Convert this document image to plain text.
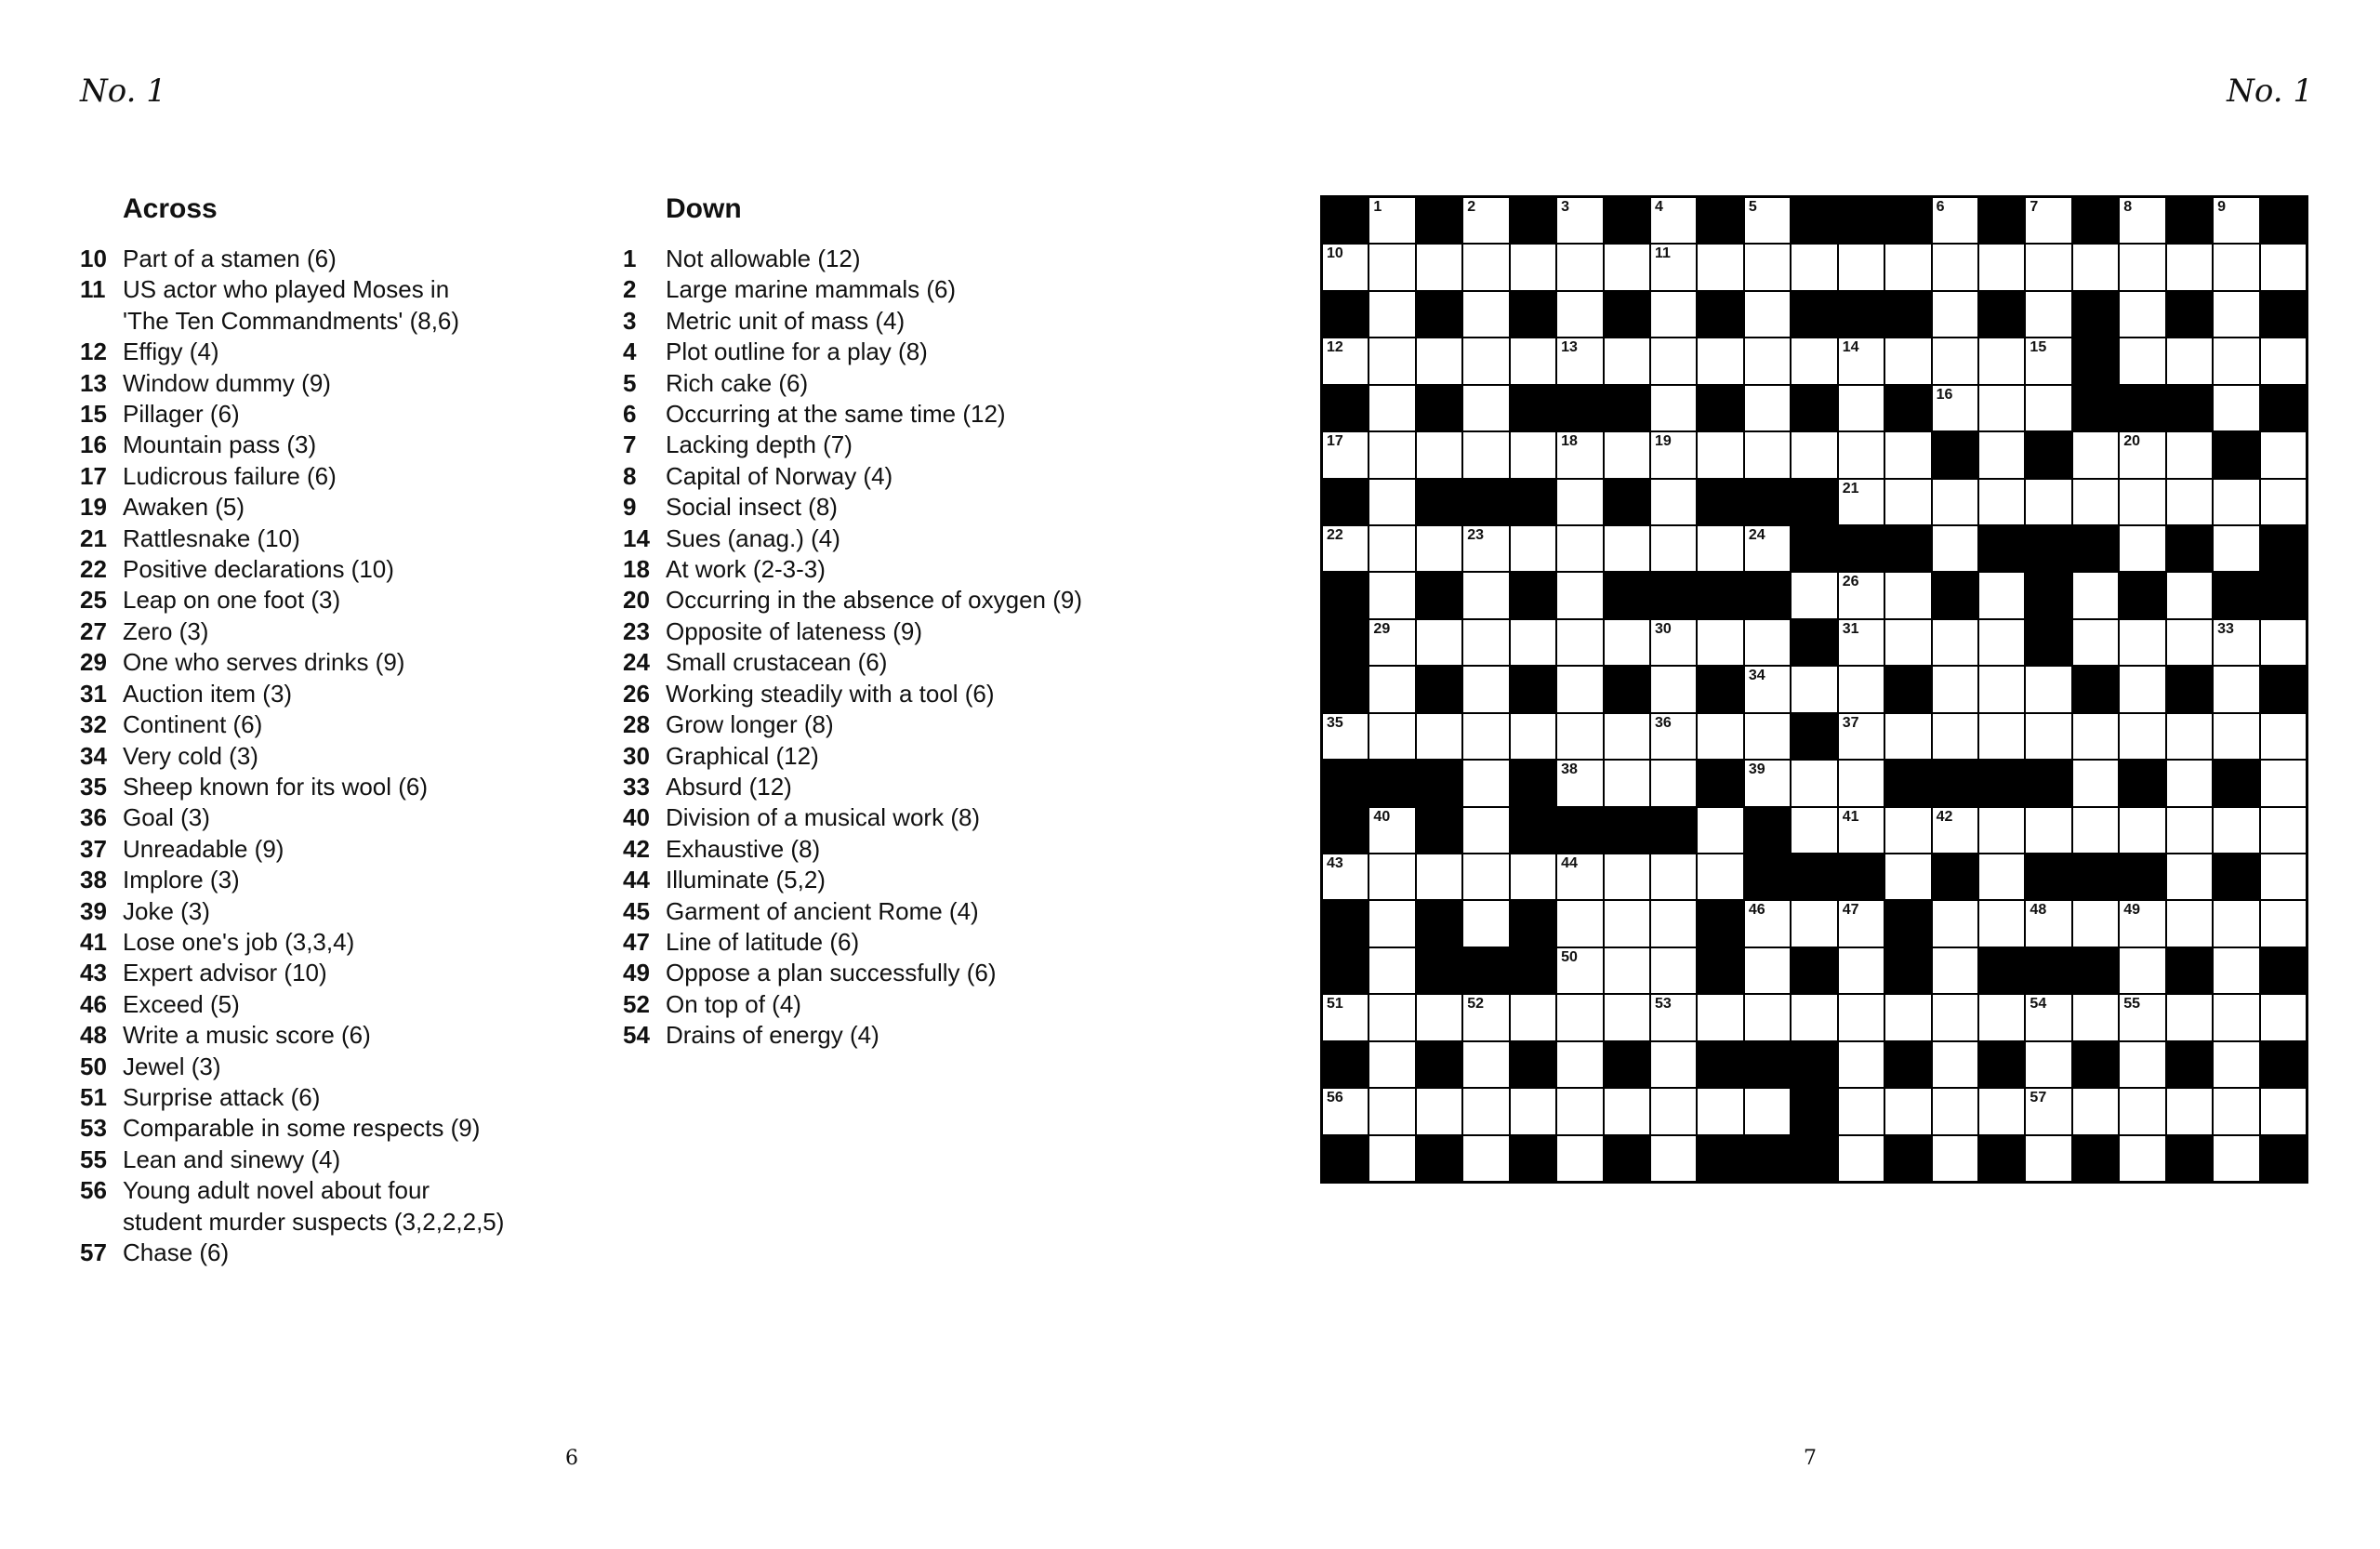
No. 1	No. 1
Across	Down
10 Part of a stamen (6)
11 US actor who played Moses in
'The Ten Commandments' (8,6)
12 Effigy (4)
13 Window dummy (9)
15 Pillager (6)
16 Mountain pass (3)
17 Ludicrous failure (6)
19 Awaken (5)
21 Rattlesnake (10)
22 Positive declarations (10)
25 Leap on one foot (3)
27 Zero (3)
29 One who serves drinks (9)
31 Auction item (3)
32 Continent (6)
34 Very cold (3)
35 Sheep known for its wool (6)
36 Goal (3)
37 Unreadable (9)
38 Implore (3)
39 Joke (3)
41 Lose one's job (3,3,4)
43 Expert advisor (10)
46 Exceed (5)
48 Write a music score (6)
50 Jewel (3)
51 Surprise attack (6)
53 Comparable in some respects (9)
55 Lean and sinewy (4)
56 Young adult novel about four
student murder suspects (3,2,2,2,5)
57 Chase (6)
1	Not allowable (12)
2	Large marine mammals (6)
3	Metric unit of mass (4)
4	Plot outline for a play (8)
5	Rich cake (6)
6	Occurring at the same time (12)
7	Lacking depth (7)
8	Capital of Norway (4)
9	Social insect (8)
14 Sues (anag.) (4)
18 At work (2-3-3)
20 Occurring in the absence of oxygen (9)
23 Opposite of lateness (9)
24 Small crustacean (6)
26 Working steadily with a tool (6)
28 Grow longer (8)
30 Graphical (12)
33 Absurd (12)
40 Division of a musical work (8)
42 Exhaustive (8)
44 Illuminate (5,2)
45 Garment of ancient Rome (4)
47 Line of latitude (6)
49 Oppose a plan successfully (6)
52 On top of (4)
54 Drains of energy (4)
1	2	3	4	5	6	7	8	9
10	11
12	13	14	15
16
17	18	19	20
21
22	23	24
26
29	30	31	33
34
35	36	37
38	39
40	41	42
43	44
46	47	48	49
50
51	52	53	54	55
56	57
6	7
